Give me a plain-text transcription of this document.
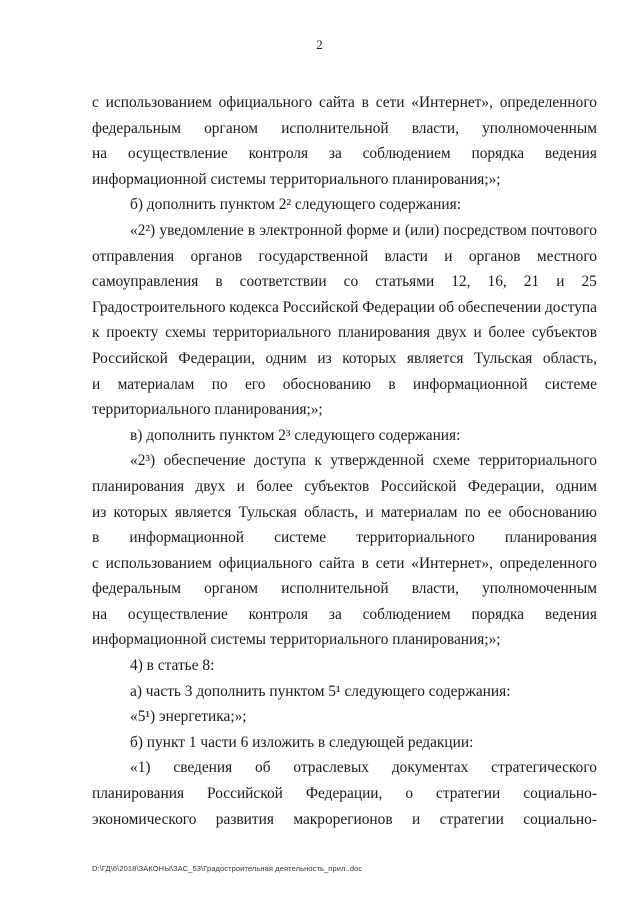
2
с использованием официального сайта в сети «Интернет», определенного
федеральным органом исполнительной власти, уполномоченным
на осуществление контроля за соблюдением порядка ведения
информационной системы территориального планирования;»;
б) дополнить пунктом 2² следующего содержания:
«2²) уведомление в электронной форме и (или) посредством почтового
отправления органов государственной власти и органов местного
самоуправления в соответствии со статьями 12, 16, 21 и 25
Градостроительного кодекса Российской Федерации об обеспечении доступа
к проекту схемы территориального планирования двух и более субъектов
Российской Федерации, одним из которых является Тульская область,
и материалам по его обоснованию в информационной системе
территориального планирования;»;
в) дополнить пунктом 2³ следующего содержания:
«2³) обеспечение доступа к утвержденной схеме территориального
планирования двух и более субъектов Российской Федерации, одним
из которых является Тульская область, и материалам по ее обоснованию
в информационной системе территориального планирования
с использованием официального сайта в сети «Интернет», определенного
федеральным органом исполнительной власти, уполномоченным
на осуществление контроля за соблюдением порядка ведения
информационной системы территориального планирования;»;
4) в статье 8:
а) часть 3 дополнить пунктом 5¹ следующего содержания:
«5¹) энергетика;»;
б) пункт 1 части 6 изложить в следующей редакции:
«1) сведения об отраслевых документах стратегического
планирования Российской Федерации, о стратегии социально-
экономического развития макрорегионов и стратегии социально-
D:\ГД\6\2018\ЗАКОНЫ\ЗАС_53\Градостроительная деятельность_прил..doc
